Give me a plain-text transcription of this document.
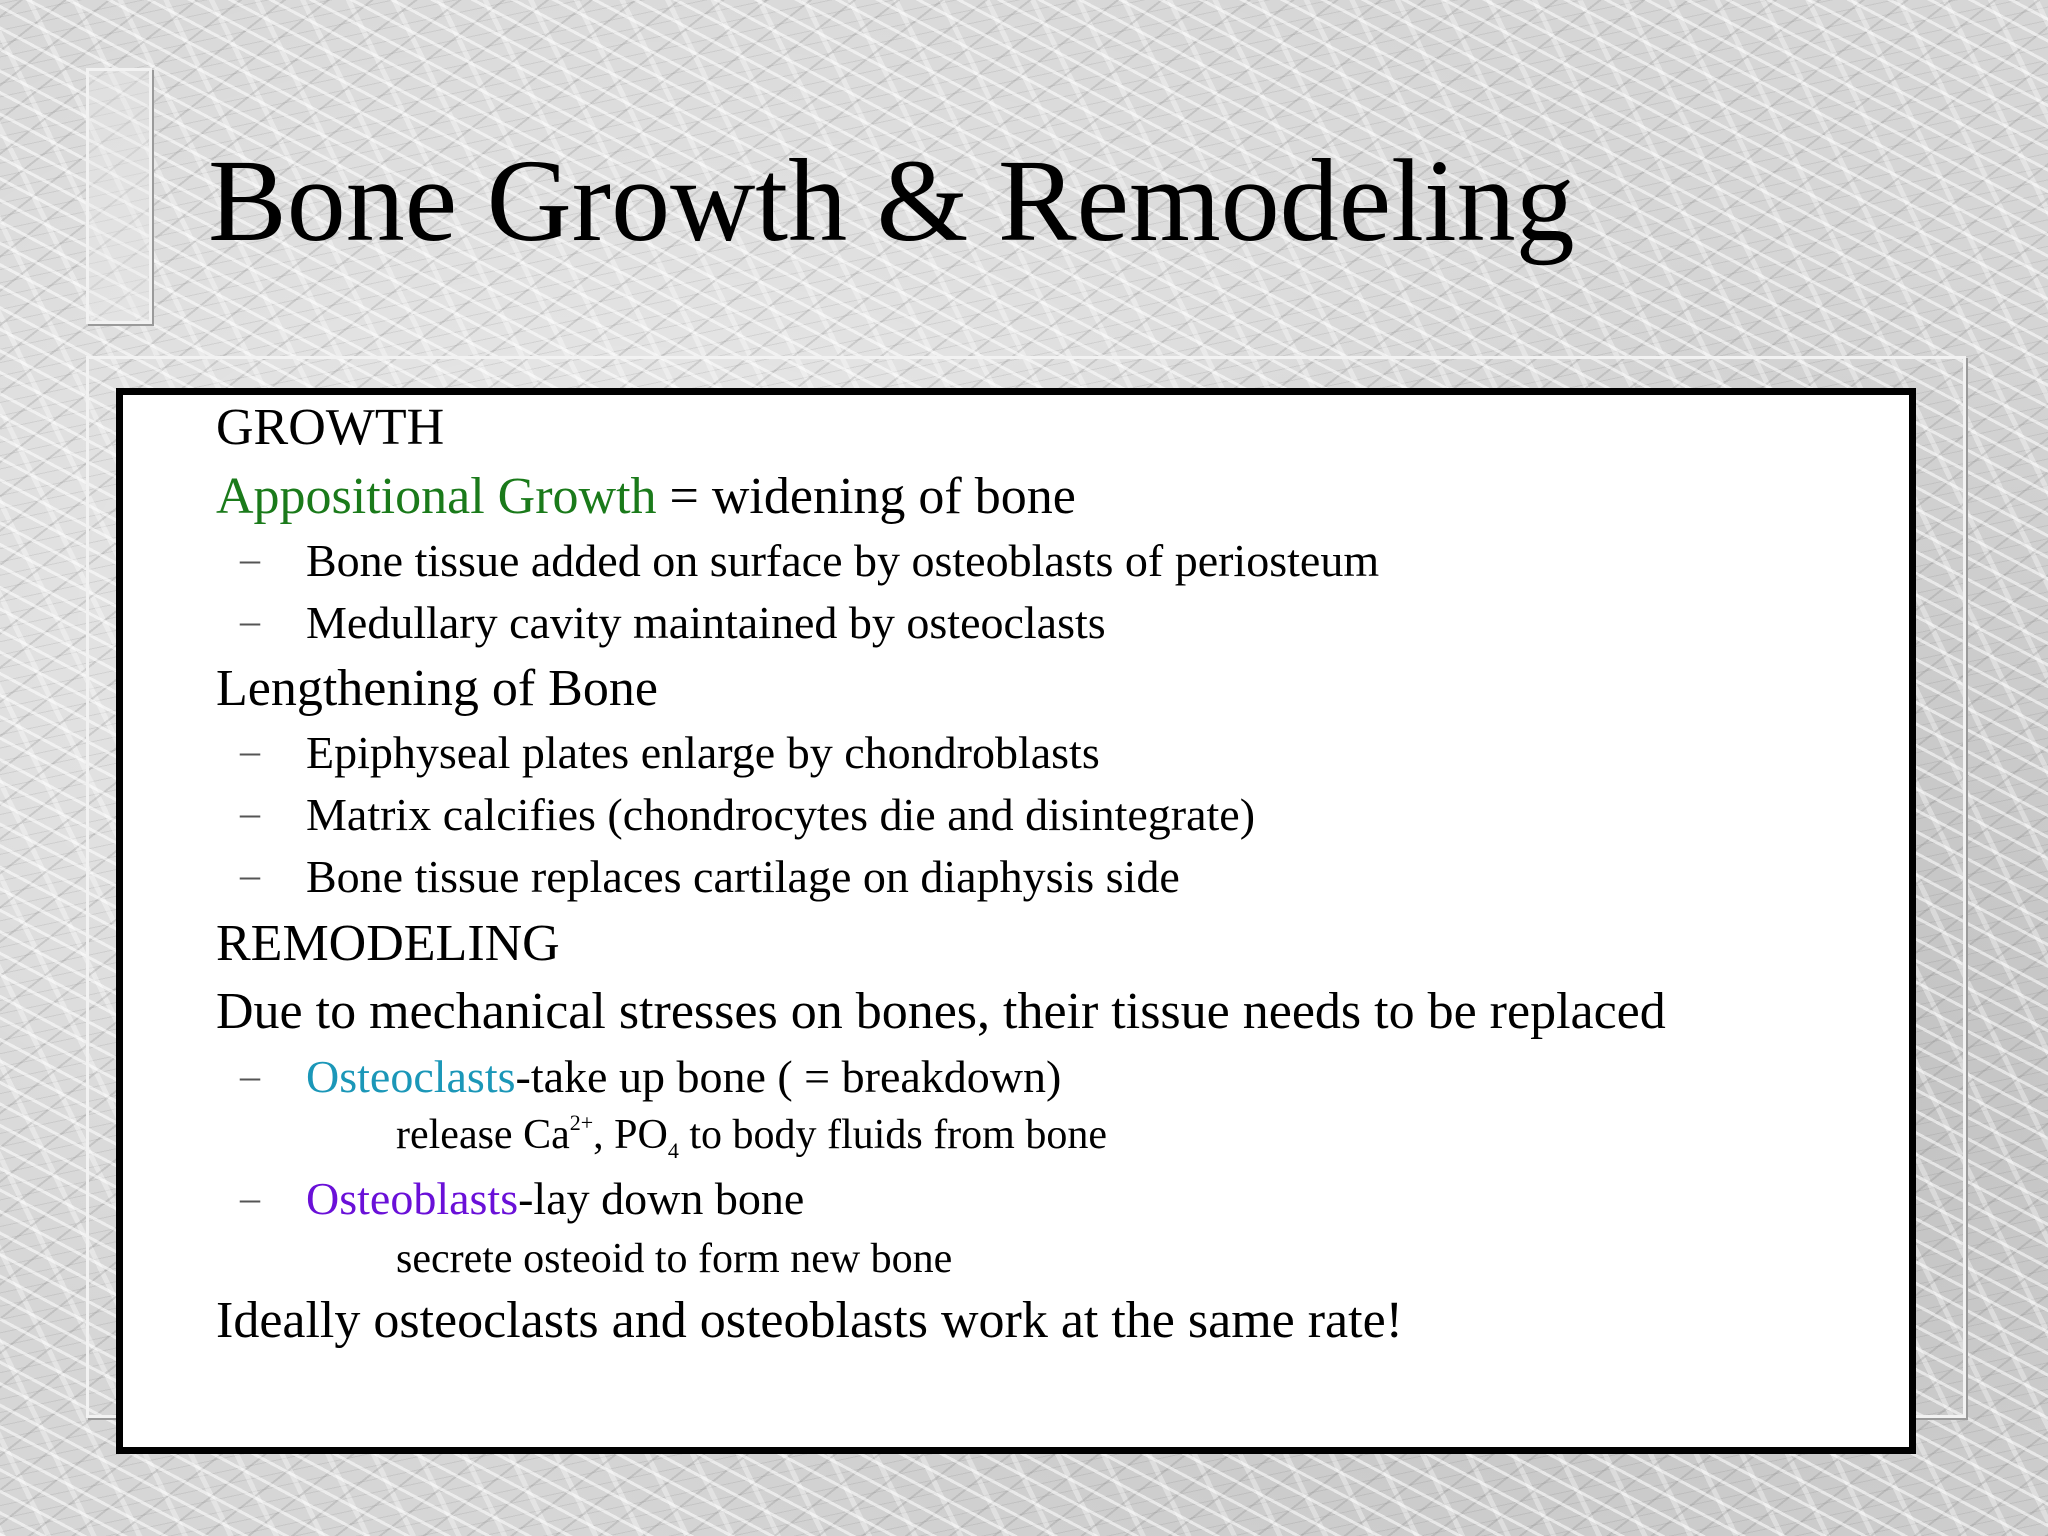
Bone Growth & Remodeling

GROWTH

Appositional Growth = widening of bone

– Bone tissue added on surface by osteoblasts of periosteum

– Medullary cavity maintained by osteoclasts

Lengthening of Bone

– Epiphyseal plates enlarge by chondroblasts

– Matrix calcifies (chondrocytes die and disintegrate)

– Bone tissue replaces cartilage on diaphysis side

REMODELING

Due to mechanical stresses on bones, their tissue needs to be replaced

– Osteoclasts-take up bone ( = breakdown)

release $Ca^{2+}$, $PO_4$ to body fluids from bone

– Osteoblasts-lay down bone

secrete osteoid to form new bone

Ideally osteoclasts and osteoblasts work at the same rate!
